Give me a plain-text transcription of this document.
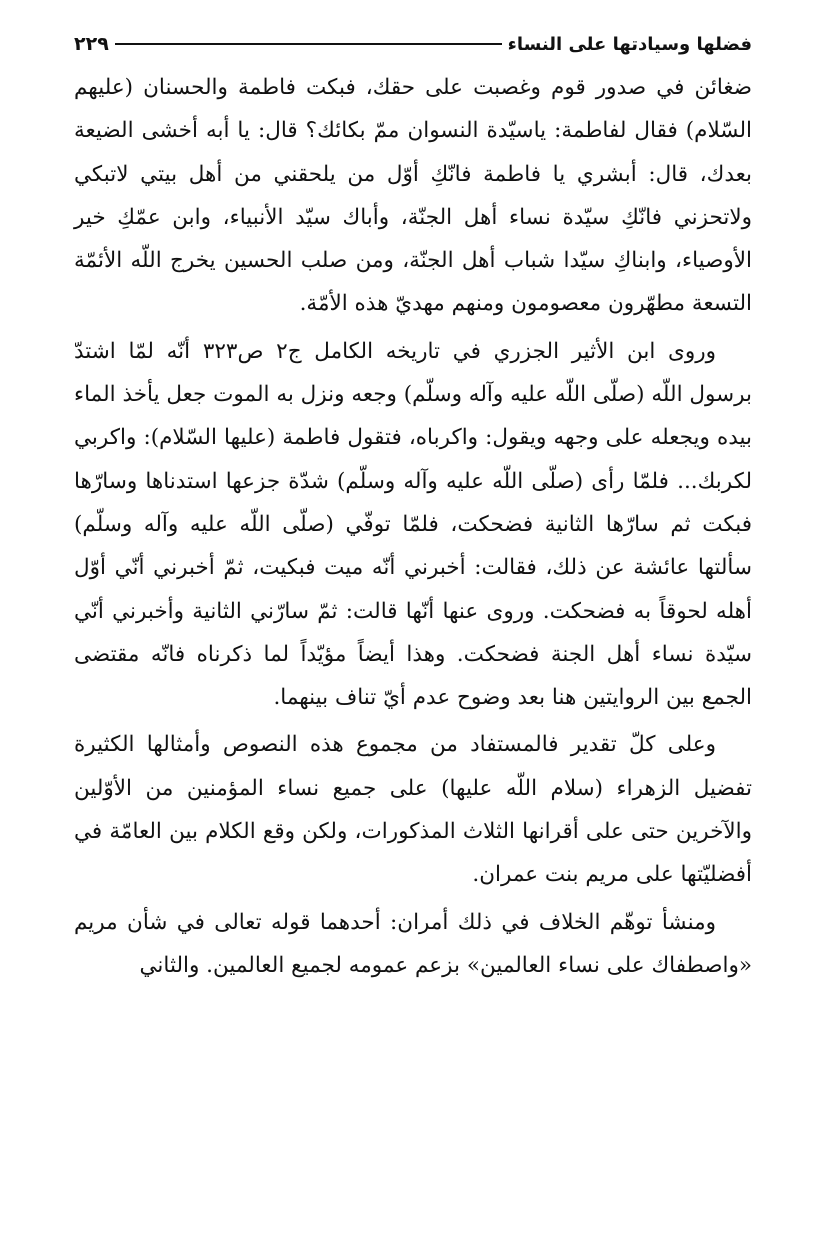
فضلها وسيادتها على النساء
٢٢٩

ضغائن في صدور قوم وغصبت على حقك، فبكت فاطمة والحسنان (عليهم السّلام) فقال لفاطمة: ياسيّدة النسوان ممّ بكائك؟ قال: يا أبه أخشى الضيعة بعدك، قال: أبشري يا فاطمة فانّكِ أوّل من يلحقني من أهل بيتي لاتبكي ولاتحزني فانّكِ سيّدة نساء أهل الجنّة، وأباك سيّد الأنبياء، وابن عمّكِ خير الأوصياء، وابناكِ سيّدا شباب أهل الجنّة، ومن صلب الحسين يخرج اللّه الأئمّة التسعة مطهّرون معصومون ومنهم مهديّ هذه الأمّة.

وروى ابن الأثير الجزري في تاريخه الكامل ج٢ ص٣٢٣ أنّه لمّا اشتدّ برسول اللّه (صلّى اللّه عليه وآله وسلّم) وجعه ونزل به الموت جعل يأخذ الماء بيده ويجعله على وجهه ويقول: واكرباه، فتقول فاطمة (عليها السّلام): واكربي لكربك... فلمّا رأى (صلّى اللّه عليه وآله وسلّم) شدّة جزعها استدناها وسارّها فبكت ثم سارّها الثانية فضحكت، فلمّا توفّي (صلّى اللّه عليه وآله وسلّم) سألتها عائشة عن ذلك، فقالت: أخبرني أنّه ميت فبكيت، ثمّ أخبرني أنّي أوّل أهله لحوقاً به فضحكت. وروى عنها أنّها قالت: ثمّ سارّني الثانية وأخبرني أنّي سيّدة نساء أهل الجنة فضحكت. وهذا أيضاً مؤيّداً لما ذكرناه فانّه مقتضى الجمع بين الروايتين هنا بعد وضوح عدم أيّ تناف بينهما.

وعلى كلّ تقدير فالمستفاد من مجموع هذه النصوص وأمثالها الكثيرة تفضيل الزهراء (سلام اللّه عليها) على جميع نساء المؤمنين من الأوّلين والآخرين حتى على أقرانها الثلاث المذكورات، ولكن وقع الكلام بين العامّة في أفضليّتها على مريم بنت عمران.

ومنشأ توهّم الخلاف في ذلك أمران: أحدهما قوله تعالى في شأن مريم «واصطفاك على نساء العالمين» بزعم عمومه لجميع العالمين. والثاني
